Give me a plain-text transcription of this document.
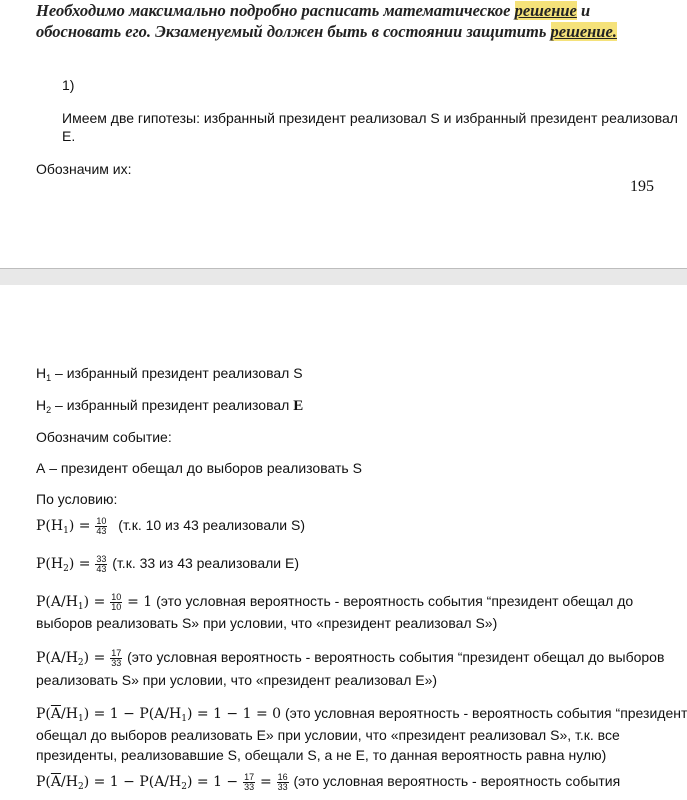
Необходимо максимально подробно расписать математическое решение и обосновать его. Экзаменуемый должен быть в состоянии защитить решение.
1)
Имеем две гипотезы: избранный президент реализовал S и избранный президент реализовал
E.
Обозначим их:
195
$H_1$ – избранный президент реализовал S
$H_2$ – избранный президент реализовал E
Обозначим событие:
А – президент обещал до выборов реализовать S
По условию:
$P(H_1) = \frac{10}{43} (т.к$. 10 из 43 реализовали S)
$P(H_2) = \frac{33}{43} (т.к$. 33 из 43 реализовали E)
$P(A/H_1) = \frac{10}{10} = 1$ (это условная вероятность - вероятность события “президент обещал до
выборов реализовать S» при условии, что «президент реализовал S»)
$P(A/H_2) = \frac{17}{33} (это$ условная вероятность - вероятность события “президент обещал до выборов
реализовать S» при условии, что «президент реализовал E»)
$P(\overline{A}/H_1) = 1 - P(A/H_1) = 1 - 1 = 0$ (это условная вероятность - вероятность события “президент
обещал до выборов реализовать E» при условии, что «президент реализовал S», т.к. все
президенты, реализовавшие S, обещали S, а не E, то данная вероятность равна нулю)
$P(\overline{A}/H_2) = 1 - P(A/H_2) = 1 - \frac{17}{33} = \frac{16}{33} (это$ условная вероятность - вероятность события
